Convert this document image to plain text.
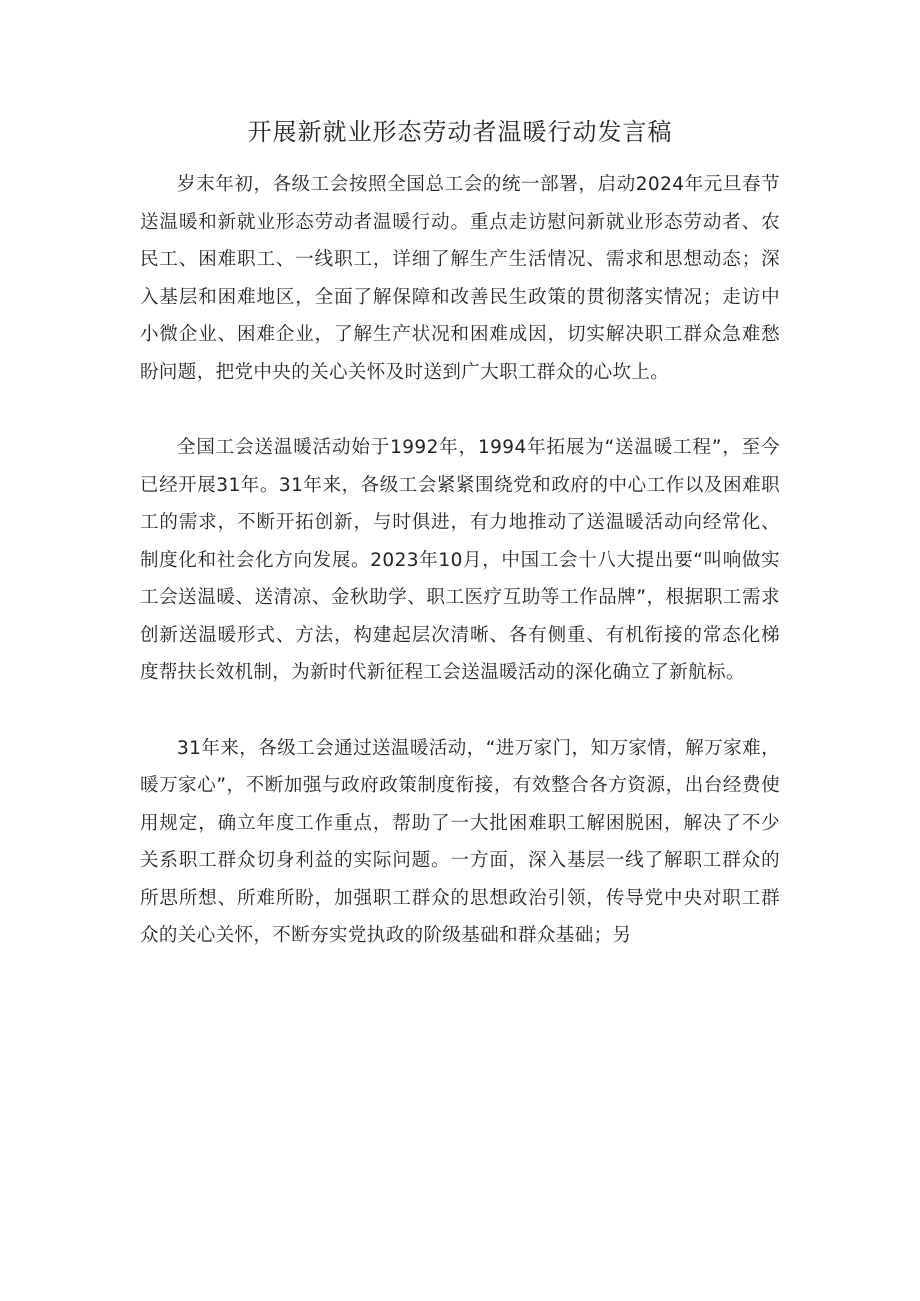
开展新就业形态劳动者温暖行动发言稿

岁末年初，各级工会按照全国总工会的统一部署，启动2024年元旦春节送温暖和新就业形态劳动者温暖行动。重点走访慰问新就业形态劳动者、农民工、困难职工、一线职工，详细了解生产生活情况、需求和思想动态；深入基层和困难地区，全面了解保障和改善民生政策的贯彻落实情况；走访中小微企业、困难企业，了解生产状况和困难成因，切实解决职工群众急难愁盼问题，把党中央的关心关怀及时送到广大职工群众的心坎上。

全国工会送温暖活动始于1992年，1994年拓展为“送温暖工程”，至今已经开展31年。31年来，各级工会紧紧围绕党和政府的中心工作以及困难职工的需求，不断开拓创新，与时俱进，有力地推动了送温暖活动向经常化、制度化和社会化方向发展。2023年10月，中国工会十八大提出要“叫响做实工会送温暖、送清凉、金秋助学、职工医疗互助等工作品牌”，根据职工需求创新送温暖形式、方法，构建起层次清晰、各有侧重、有机衔接的常态化梯度帮扶长效机制，为新时代新征程工会送温暖活动的深化确立了新航标。

31年来，各级工会通过送温暖活动，“进万家门，知万家情，解万家难，暖万家心”，不断加强与政府政策制度衔接，有效整合各方资源，出台经费使用规定，确立年度工作重点，帮助了一大批困难职工解困脱困，解决了不少关系职工群众切身利益的实际问题。一方面，深入基层一线了解职工群众的所思所想、所难所盼，加强职工群众的思想政治引领，传导党中央对职工群众的关心关怀，不断夯实党执政的阶级基础和群众基础；另
